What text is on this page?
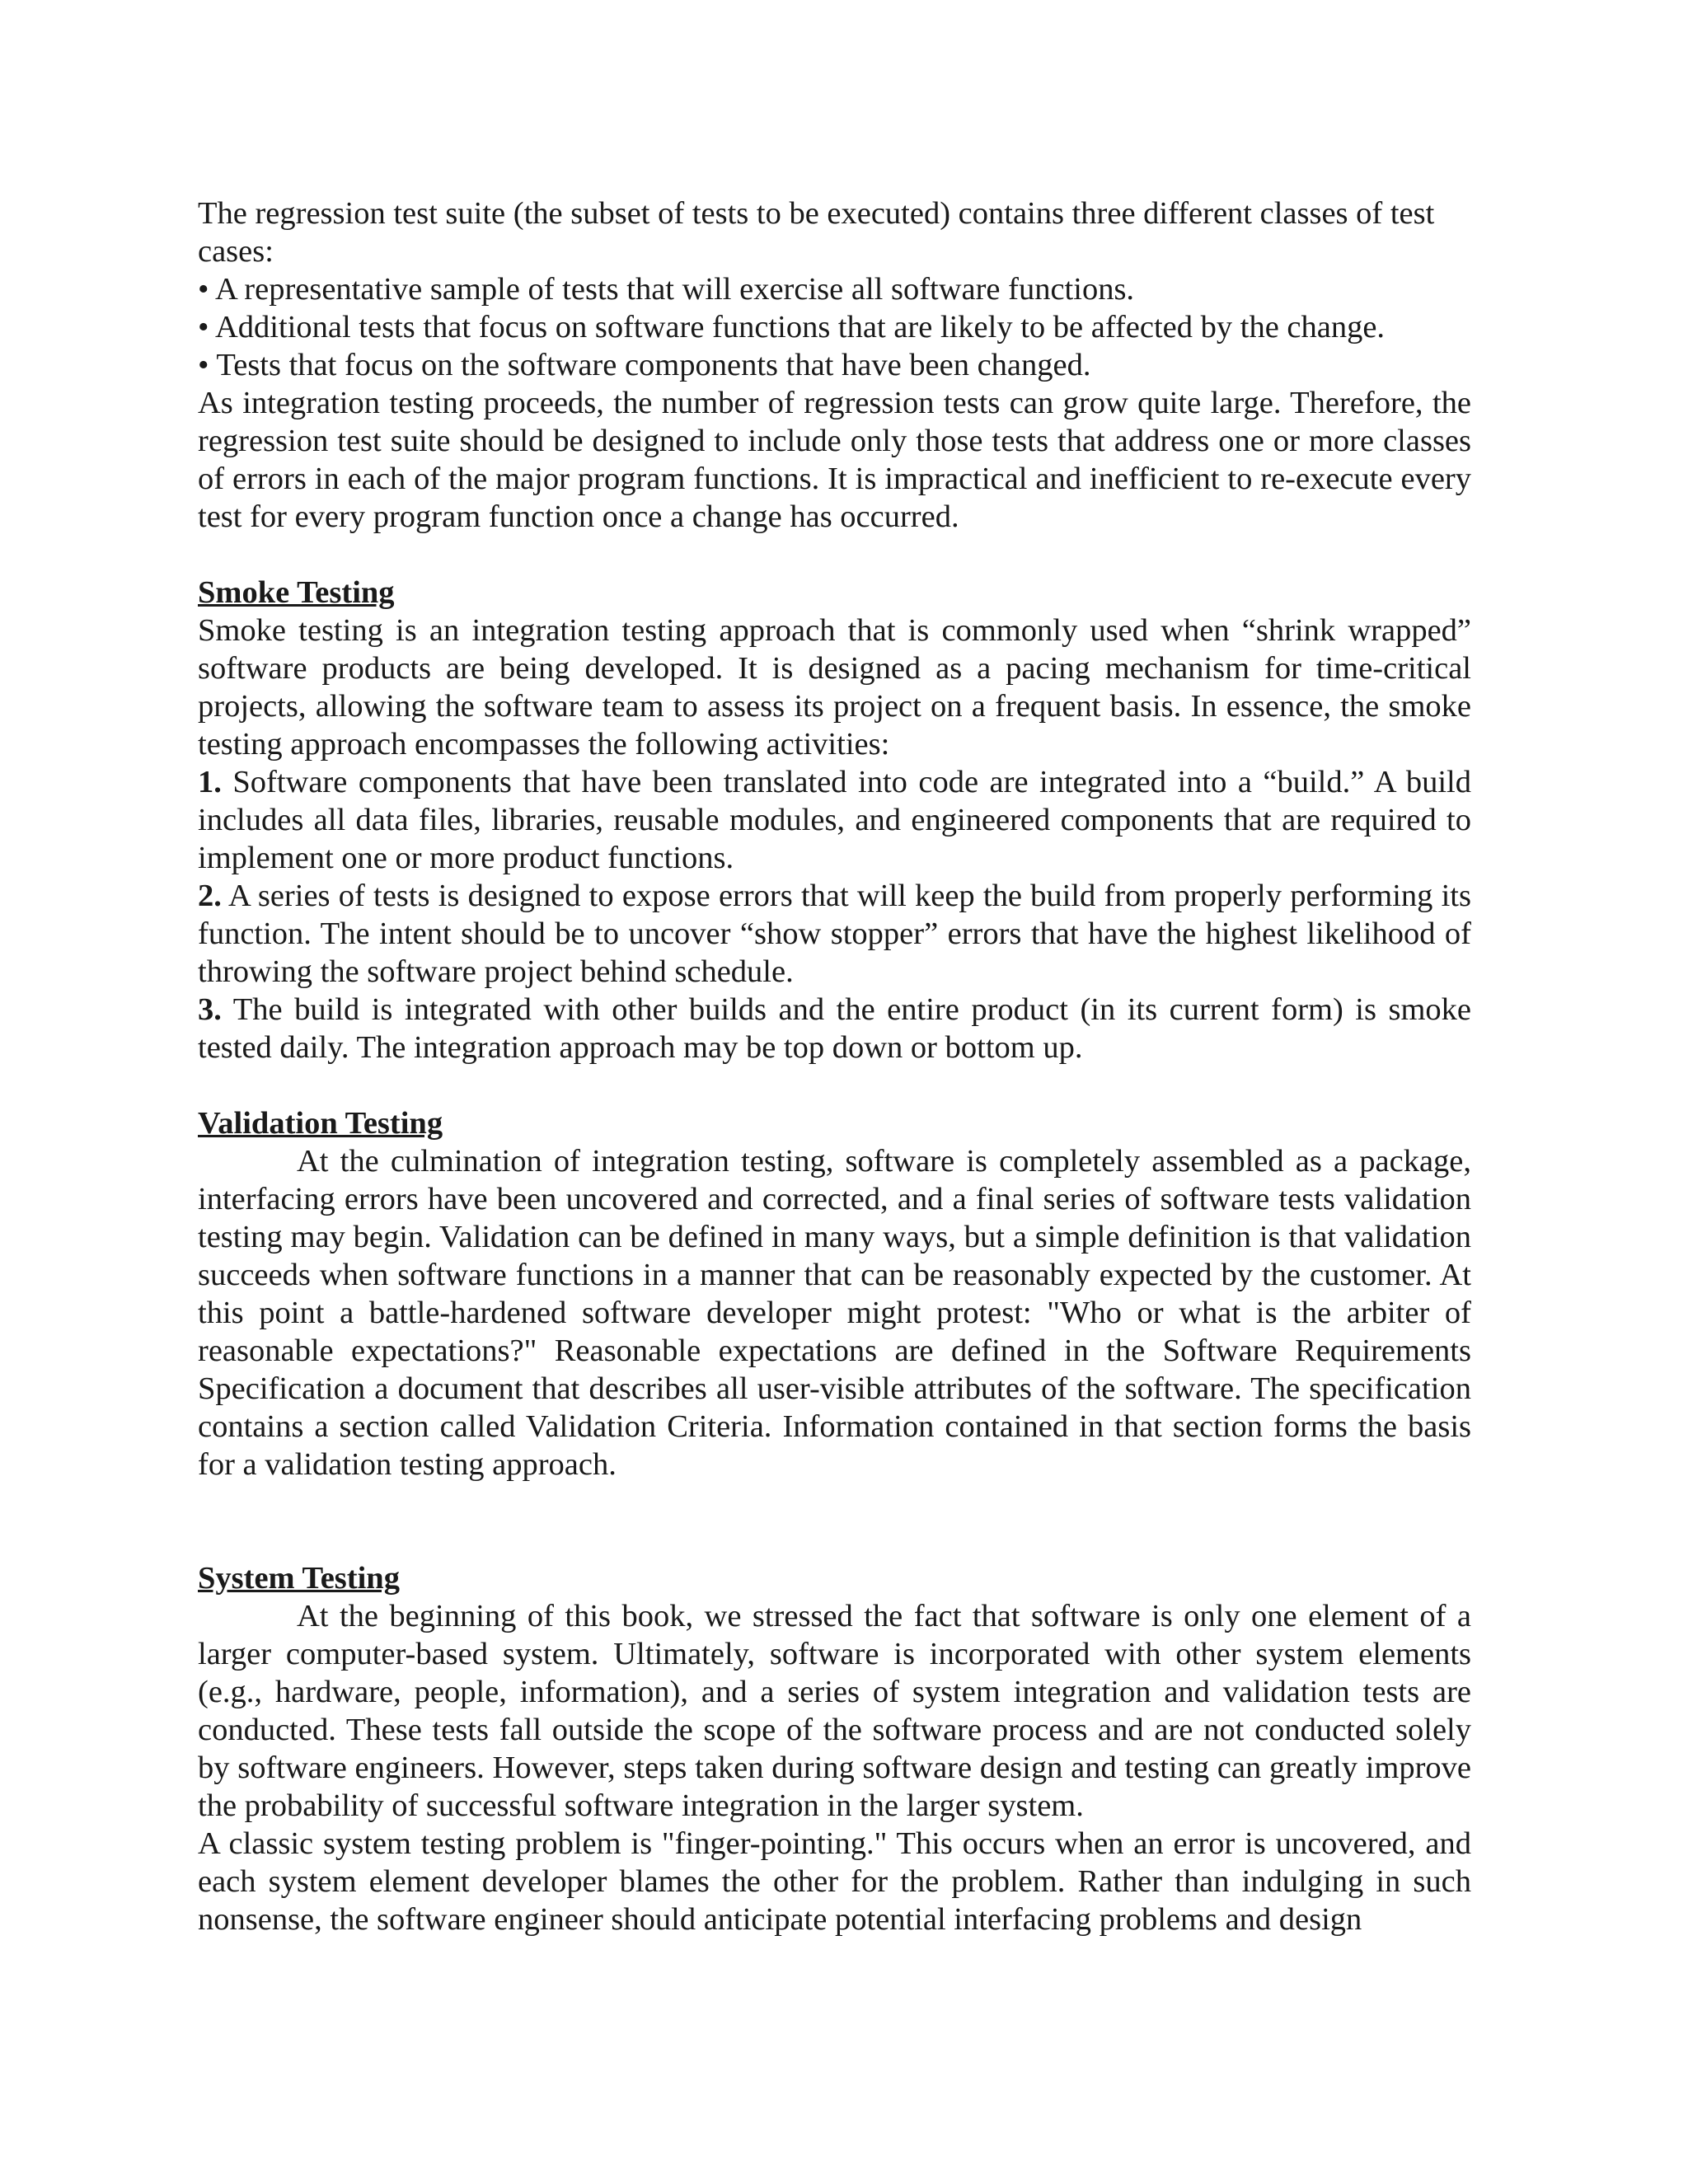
The regression test suite (the subset of tests to be executed) contains three different classes of test cases:

• A representative sample of tests that will exercise all software functions.

• Additional tests that focus on software functions that are likely to be affected by the change.

• Tests that focus on the software components that have been changed.

As integration testing proceeds, the number of regression tests can grow quite large. Therefore, the regression test suite should be designed to include only those tests that address one or more classes of errors in each of the major program functions. It is impractical and inefficient to re-execute every test for every program function once a change has occurred.

Smoke Testing

Smoke testing is an integration testing approach that is commonly used when “shrink wrapped” software products are being developed. It is designed as a pacing mechanism for time-critical projects, allowing the software team to assess its project on a frequent basis. In essence, the smoke testing approach encompasses the following activities:

1. Software components that have been translated into code are integrated into a “build.” A build includes all data files, libraries, reusable modules, and engineered components that are required to implement one or more product functions.

2. A series of tests is designed to expose errors that will keep the build from properly performing its function. The intent should be to uncover “show stopper” errors that have the highest likelihood of throwing the software project behind schedule.

3. The build is integrated with other builds and the entire product (in its current form) is smoke tested daily. The integration approach may be top down or bottom up.

Validation Testing

At the culmination of integration testing, software is completely assembled as a package, interfacing errors have been uncovered and corrected, and a final series of software tests validation testing may begin. Validation can be defined in many ways, but a simple definition is that validation succeeds when software functions in a manner that can be reasonably expected by the customer. At this point a battle-hardened software developer might protest: "Who or what is the arbiter of reasonable expectations?" Reasonable expectations are defined in the Software Requirements Specification a document that describes all user-visible attributes of the software. The specification contains a section called Validation Criteria. Information contained in that section forms the basis for a validation testing approach.

System Testing

At the beginning of this book, we stressed the fact that software is only one element of a larger computer-based system. Ultimately, software is incorporated with other system elements (e.g., hardware, people, information), and a series of system integration and validation tests are conducted. These tests fall outside the scope of the software process and are not conducted solely by software engineers. However, steps taken during software design and testing can greatly improve the probability of successful software integration in the larger system.

A classic system testing problem is "finger-pointing." This occurs when an error is uncovered, and each system element developer blames the other for the problem. Rather than indulging in such nonsense, the software engineer should anticipate potential interfacing problems and design
